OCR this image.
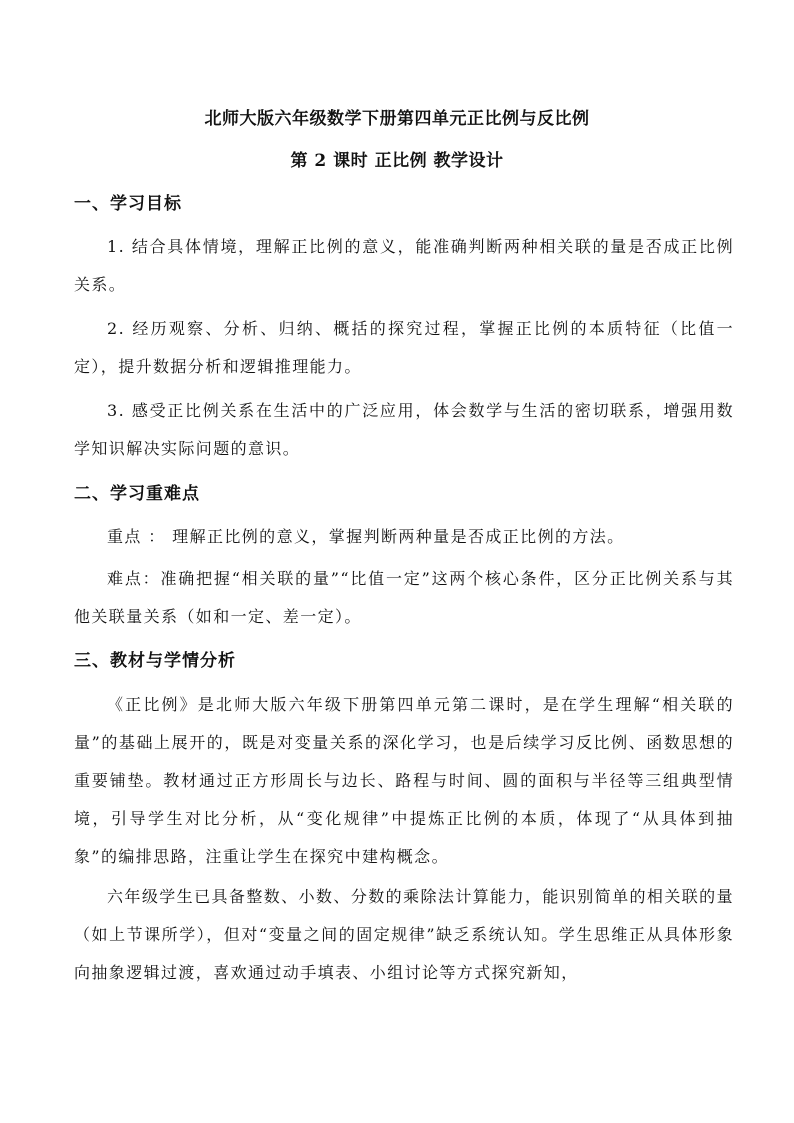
北师大版六年级数学下册第四单元正比例与反比例
第 2 课时 正比例 教学设计
一、学习目标
1. 结合具体情境，理解正比例的意义，能准确判断两种相关联的量是否成正比例关系。
2. 经历观察、分析、归纳、概括的探究过程，掌握正比例的本质特征（比值一定），提升数据分析和逻辑推理能力。
3. 感受正比例关系在生活中的广泛应用，体会数学与生活的密切联系，增强用数学知识解决实际问题的意识。
二、学习重难点
重点 ： 理解正比例的意义，掌握判断两种量是否成正比例的方法。
难点：准确把握“相关联的量”“比值一定”这两个核心条件，区分正比例关系与其他关联量关系（如和一定、差一定）。
三、教材与学情分析
《正比例》是北师大版六年级下册第四单元第二课时，是在学生理解“相关联的量”的基础上展开的，既是对变量关系的深化学习，也是后续学习反比例、函数思想的重要铺垫。教材通过正方形周长与边长、路程与时间、圆的面积与半径等三组典型情境，引导学生对比分析，从“变化规律”中提炼正比例的本质，体现了“从具体到抽象”的编排思路，注重让学生在探究中建构概念。
六年级学生已具备整数、小数、分数的乘除法计算能力，能识别简单的相关联的量（如上节课所学），但对“变量之间的固定规律”缺乏系统认知。学生思维正从具体形象向抽象逻辑过渡，喜欢通过动手填表、小组讨论等方式探究新知，
